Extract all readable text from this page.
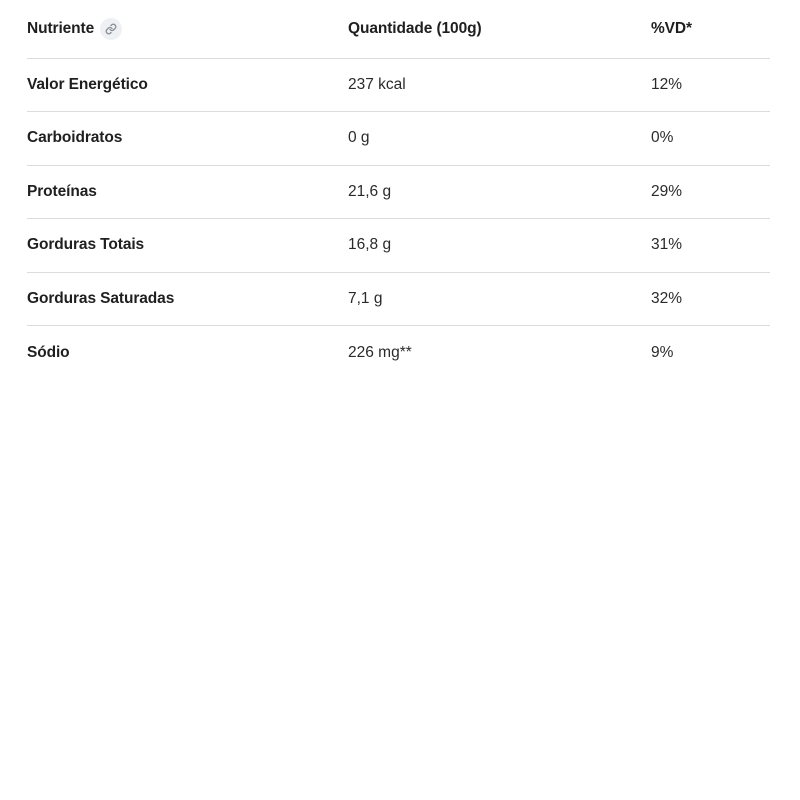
Nutriente	Quantidade (100g)	%VD*
Valor Energético	237 kcal	12%
Carboidratos	0 g	0%
Proteínas	21,6 g	29%
Gorduras Totais	16,8 g	31%
Gorduras Saturadas	7,1 g	32%
Sódio	226 mg**	9%
